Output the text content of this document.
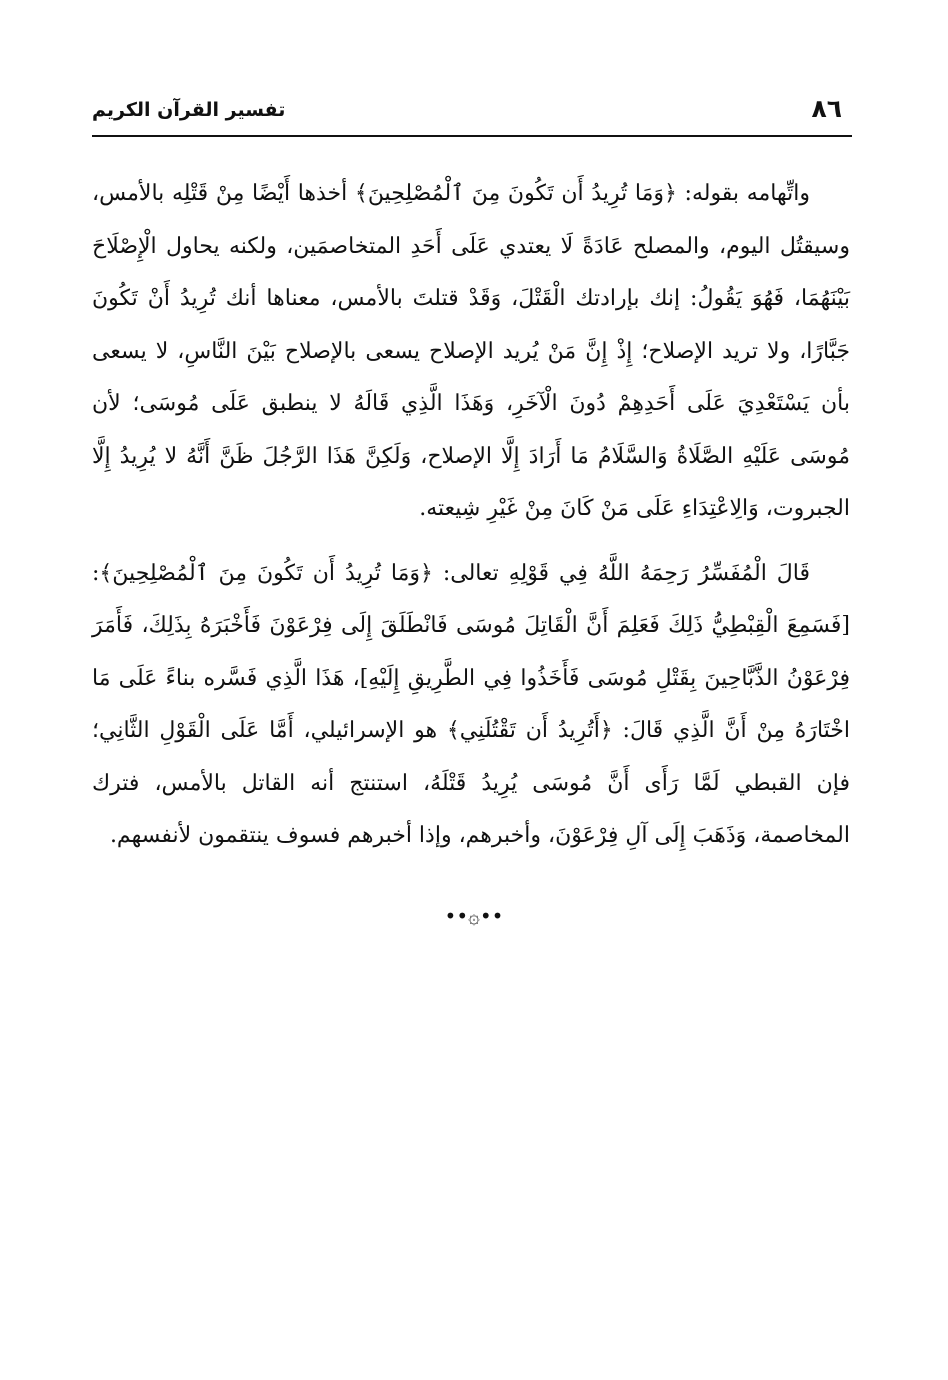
٨٦
تفسير القرآن الكريم

واتِّهامه بقوله: ﴿وَمَا تُرِيدُ أَن تَكُونَ مِنَ ٱلْمُصْلِحِينَ﴾ أخذها أَيْضًا مِنْ قَتْلِه بالأمس، وسيقتُل اليوم، والمصلح عَادَةً لَا يعتدي عَلَى أَحَدِ المتخاصمَين، ولكنه يحاول الْإِصْلَاحَ بَيْنَهُمَا، فَهُوَ يَقُولُ: إنك بإرادتك الْقَتْلَ، وَقَدْ قتلتَ بالأمس، معناها أنك تُرِيدُ أَنْ تَكُونَ جَبَّارًا، ولا تريد الإصلاح؛ إِذْ إِنَّ مَنْ يُريد الإصلاح يسعى بالإصلاح بَيْنَ النَّاسِ، لا يسعى بأن يَسْتَعْدِيَ عَلَى أَحَدِهِمْ دُونَ الْآخَرِ، وَهَذَا الَّذِي قَالَهُ لا ينطبق عَلَى مُوسَى؛ لأن مُوسَى عَلَيْهِ الصَّلَاةُ وَالسَّلَامُ مَا أَرَادَ إِلَّا الإصلاح، وَلَكِنَّ هَذَا الرَّجُلَ ظَنَّ أَنَّهُ لا يُرِيدُ إِلَّا الجبروت، وَالِاعْتِدَاءِ عَلَى مَنْ كَانَ مِنْ غَيْرِ شِيعته.

قَالَ الْمُفَسِّرُ رَحِمَهُ اللَّهُ فِي قَوْلِهِ تعالى: ﴿وَمَا تُرِيدُ أَن تَكُونَ مِنَ ٱلْمُصْلِحِينَ﴾: [فَسَمِعَ الْقِبْطِيُّ ذَلِكَ فَعَلِمَ أَنَّ الْقَاتِلَ مُوسَى فَانْطَلَقَ إِلَى فِرْعَوْنَ فَأَخْبَرَهُ بِذَلِكَ، فَأَمَرَ فِرْعَوْنُ الذَّبَّاحِينَ بِقَتْلِ مُوسَى فَأَخَذُوا فِي الطَّرِيقِ إِلَيْهِ]، هَذَا الَّذِي فَسَّره بناءً عَلَى مَا اخْتَارَهُ مِنْ أَنَّ الَّذِي قَالَ: ﴿أَتُرِيدُ أَن تَقْتُلَنِي﴾ هو الإسرائيلي، أَمَّا عَلَى الْقَوْلِ الثَّانِي؛ فإن القبطي لَمَّا رَأَى أَنَّ مُوسَى يُرِيدُ قَتْلَهُ، استنتج أنه القاتل بالأمس، فترك المخاصمة، وَذَهَبَ إِلَى آلِ فِرْعَوْنَ، وأخبرهم، وإذا أخبرهم فسوف ينتقمون لأنفسهم.

••۞••
